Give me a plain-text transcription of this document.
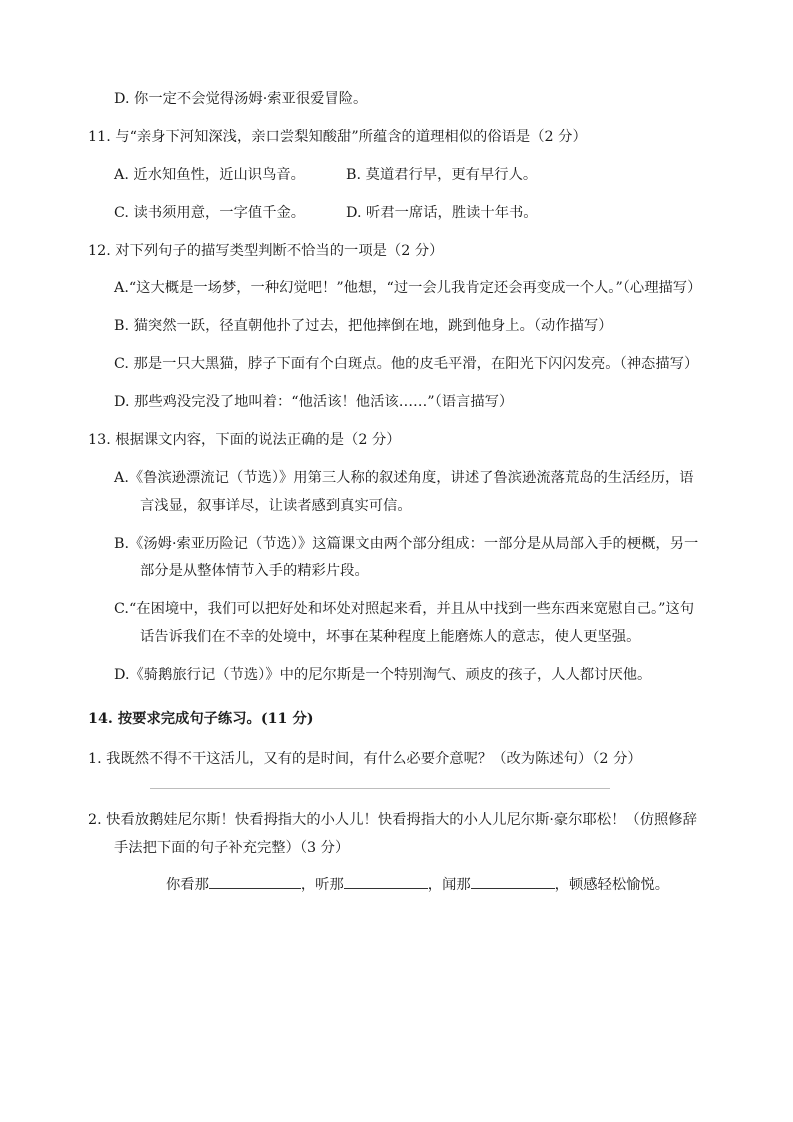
D. 你一定不会觉得汤姆·索亚很爱冒险。
11. 与“亲身下河知深浅，亲口尝梨知酸甜”所蕴含的道理相似的俗语是（2 分）
A. 近水知鱼性，近山识鸟音。	B. 莫道君行早，更有早行人。
C. 读书须用意，一字值千金。	D. 听君一席话，胜读十年书。
12. 对下列句子的描写类型判断不恰当的一项是（2 分）
A.“这大概是一场梦，一种幻觉吧！”他想，“过一会儿我肯定还会再变成一个人。”（心理描写）
B. 猫突然一跃，径直朝他扑了过去，把他摔倒在地，跳到他身上。（动作描写）
C. 那是一只大黑猫，脖子下面有个白斑点。他的皮毛平滑，在阳光下闪闪发亮。（神态描写）
D. 那些鸡没完没了地叫着：“他活该！他活该……”（语言描写）
13. 根据课文内容，下面的说法正确的是（2 分）
A.《鲁滨逊漂流记（节选）》用第三人称的叙述角度，讲述了鲁滨逊流落荒岛的生活经历，语言浅显，叙事详尽，让读者感到真实可信。
B.《汤姆·索亚历险记（节选）》这篇课文由两个部分组成：一部分是从局部入手的梗概，另一部分是从整体情节入手的精彩片段。
C.“在困境中，我们可以把好处和坏处对照起来看，并且从中找到一些东西来宽慰自己。”这句话告诉我们在不幸的处境中，坏事在某种程度上能磨炼人的意志，使人更坚强。
D.《骑鹅旅行记（节选）》中的尼尔斯是一个特别淘气、顽皮的孩子，人人都讨厌他。
14. 按要求完成句子练习。(11 分)
1. 我既然不得不干这活儿，又有的是时间，有什么必要介意呢？（改为陈述句）（2 分）
2. 快看放鹅娃尼尔斯！快看拇指大的小人儿！快看拇指大的小人儿尼尔斯·豪尔耶松！（仿照修辞手法把下面的句子补充完整）（3 分）
你看那	，听那	，闻那	，顿感轻松愉悦。
